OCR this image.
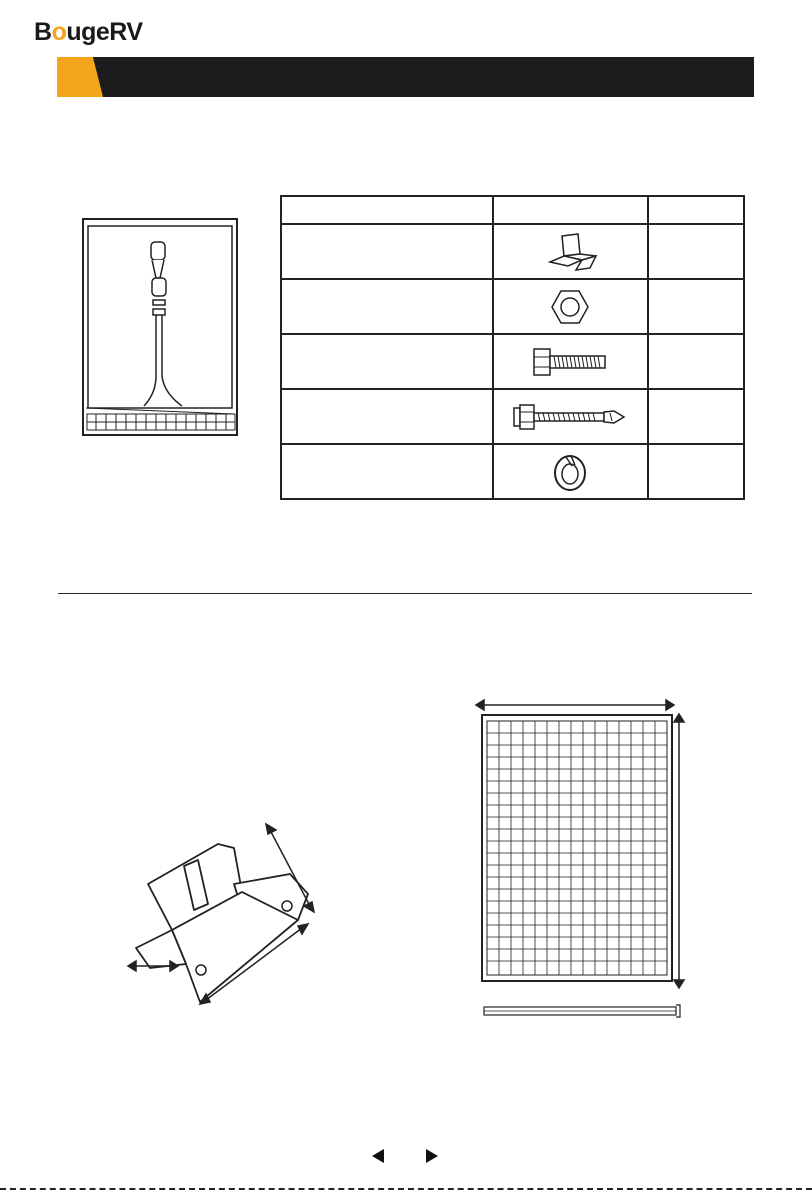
BougeRV
